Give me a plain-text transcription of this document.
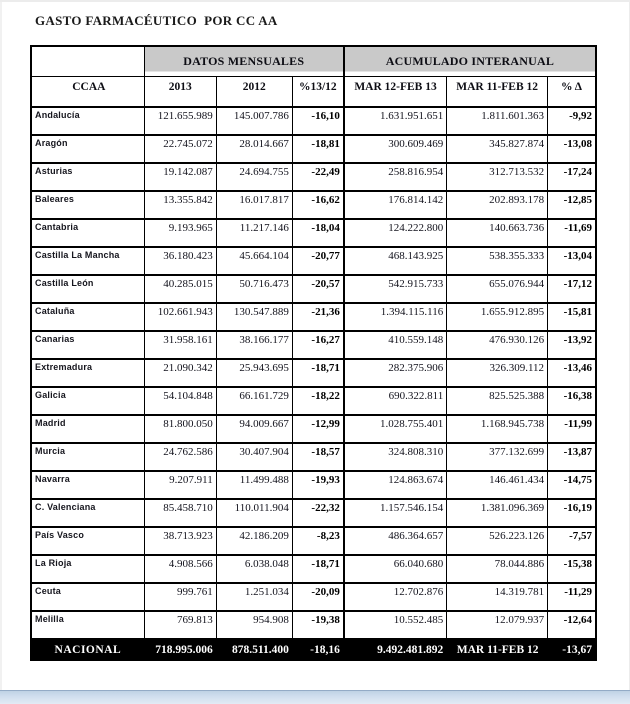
GASTO FARMACÉUTICO  POR CC AA
	DATOS MENSUALES			ACUMULADO INTERANUAL		
CCAA	2013	2012	%13/12	MAR 12-FEB 13	MAR 11-FEB 12	% Δ
Andalucía	121.655.989	145.007.786	-16,10	1.631.951.651	1.811.601.363	-9,92
Aragón	22.745.072	28.014.667	-18,81	300.609.469	345.827.874	-13,08
Asturias	19.142.087	24.694.755	-22,49	258.816.954	312.713.532	-17,24
Baleares	13.355.842	16.017.817	-16,62	176.814.142	202.893.178	-12,85
Cantabria	9.193.965	11.217.146	-18,04	124.222.800	140.663.736	-11,69
Castilla La Mancha	36.180.423	45.664.104	-20,77	468.143.925	538.355.333	-13,04
Castilla León	40.285.015	50.716.473	-20,57	542.915.733	655.076.944	-17,12
Cataluña	102.661.943	130.547.889	-21,36	1.394.115.116	1.655.912.895	-15,81
Canarias	31.958.161	38.166.177	-16,27	410.559.148	476.930.126	-13,92
Extremadura	21.090.342	25.943.695	-18,71	282.375.906	326.309.112	-13,46
Galicia	54.104.848	66.161.729	-18,22	690.322.811	825.525.388	-16,38
Madrid	81.800.050	94.009.667	-12,99	1.028.755.401	1.168.945.738	-11,99
Murcia	24.762.586	30.407.904	-18,57	324.808.310	377.132.699	-13,87
Navarra	9.207.911	11.499.488	-19,93	124.863.674	146.461.434	-14,75
C. Valenciana	85.458.710	110.011.904	-22,32	1.157.546.154	1.381.096.369	-16,19
País Vasco	38.713.923	42.186.209	-8,23	486.364.657	526.223.126	-7,57
La Rioja	4.908.566	6.038.048	-18,71	66.040.680	78.044.886	-15,38
Ceuta	999.761	1.251.034	-20,09	12.702.876	14.319.781	-11,29
Melilla	769.813	954.908	-19,38	10.552.485	12.079.937	-12,64
NACIONAL	718.995.006	878.511.400	-18,16	9.492.481.892	MAR 11-FEB 12	-13,67
